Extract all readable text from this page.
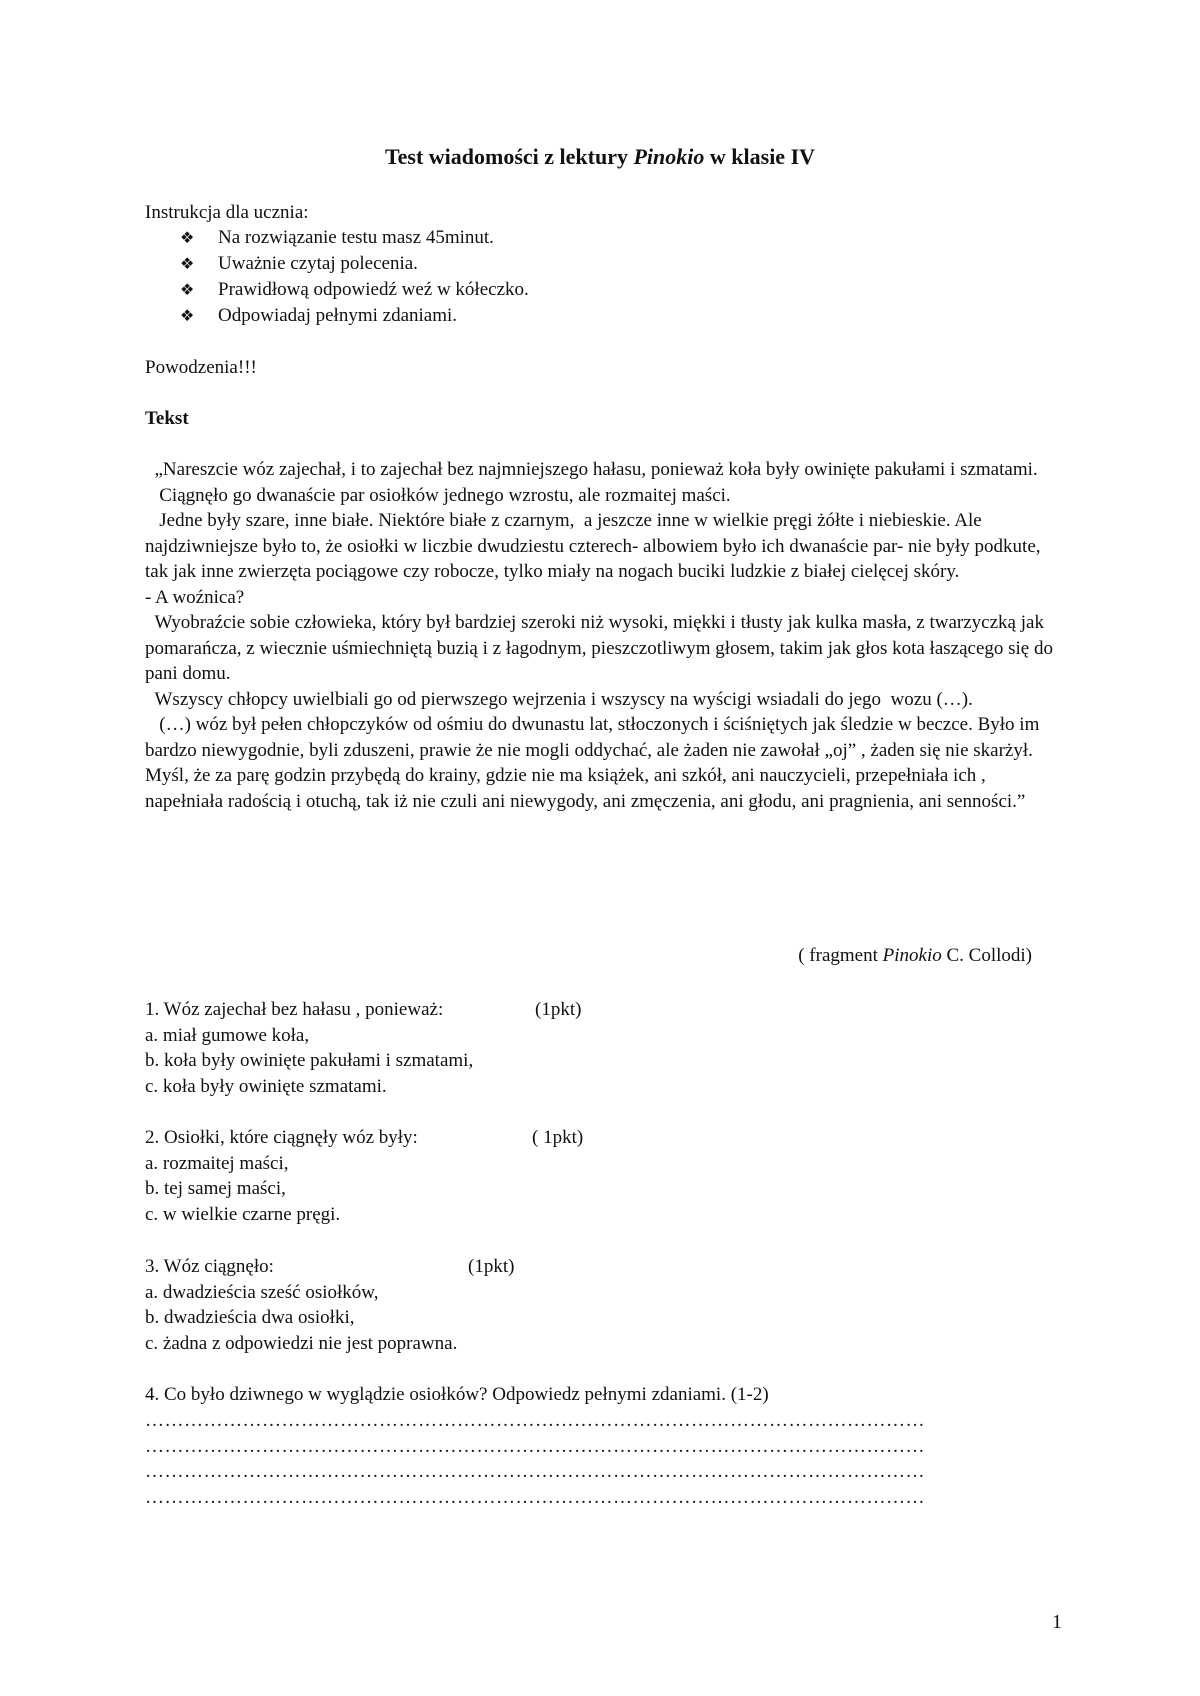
Test wiadomości z lektury Pinokio w klasie IV
Instrukcja dla ucznia:
❖	Na rozwiązanie testu masz 45minut.
❖	Uważnie czytaj polecenia.
❖	Prawidłową odpowiedź weź w kółeczko.
❖	Odpowiadaj pełnymi zdaniami.
Powodzenia!!!
Tekst

„Nareszcie wóz zajechał, i to zajechał bez najmniejszego hałasu, ponieważ koła były owinięte pakułami i szmatami.

Ciągnęło go dwanaście par osiołków jednego wzrostu, ale rozmaitej maści.

Jedne były szare, inne białe. Niektóre białe z czarnym,  a jeszcze inne w wielkie pręgi żółte i niebieskie. Ale najdziwniejsze było to, że osiołki w liczbie dwudziestu czterech- albowiem było ich dwanaście par- nie były podkute, tak jak inne zwierzęta pociągowe czy robocze, tylko miały na nogach buciki ludzkie z białej cielęcej skóry.

- A woźnica?

Wyobraźcie sobie człowieka, który był bardziej szeroki niż wysoki, miękki i tłusty jak kulka masła, z twarzyczką jak pomarańcza, z wiecznie uśmiechniętą buzią i z łagodnym, pieszczotliwym głosem, takim jak głos kota łaszącego się do pani domu.

Wszyscy chłopcy uwielbiali go od pierwszego wejrzenia i wszyscy na wyścigi wsiadali do jego  wozu (…).

(…) wóz był pełen chłopczyków od ośmiu do dwunastu lat, stłoczonych i ściśniętych jak śledzie w beczce. Było im bardzo niewygodnie, byli zduszeni, prawie że nie mogli oddychać, ale żaden nie zawołał „oj” , żaden się nie skarżył. Myśl, że za parę godzin przybędą do krainy, gdzie nie ma książek, ani szkół, ani nauczycieli, przepełniała ich , napełniała radością i otuchą, tak iż nie czuli ani niewygody, ani zmęczenia, ani głodu, ani pragnienia, ani senności.”

( fragment Pinokio C. Collodi)
1. Wóz zajechał bez hałasu , ponieważ:	(1pkt)
a. miał gumowe koła,
b. koła były owinięte pakułami i szmatami,
c. koła były owinięte szmatami.
2. Osiołki, które ciągnęły wóz były:	( 1pkt)
a. rozmaitej maści,
b. tej samej maści,
c. w wielkie czarne pręgi.
3. Wóz ciągnęło:	(1pkt)
a. dwadzieścia sześć osiołków,
b. dwadzieścia dwa osiołki,
c. żadna z odpowiedzi nie jest poprawna.
4. Co było dziwnego w wyglądzie osiołków? Odpowiedz pełnymi zdaniami. (1-2)
…………………………………………………………………………………………………………
…………………………………………………………………………………………………………
…………………………………………………………………………………………………………
…………………………………………………………………………………………………………
1
